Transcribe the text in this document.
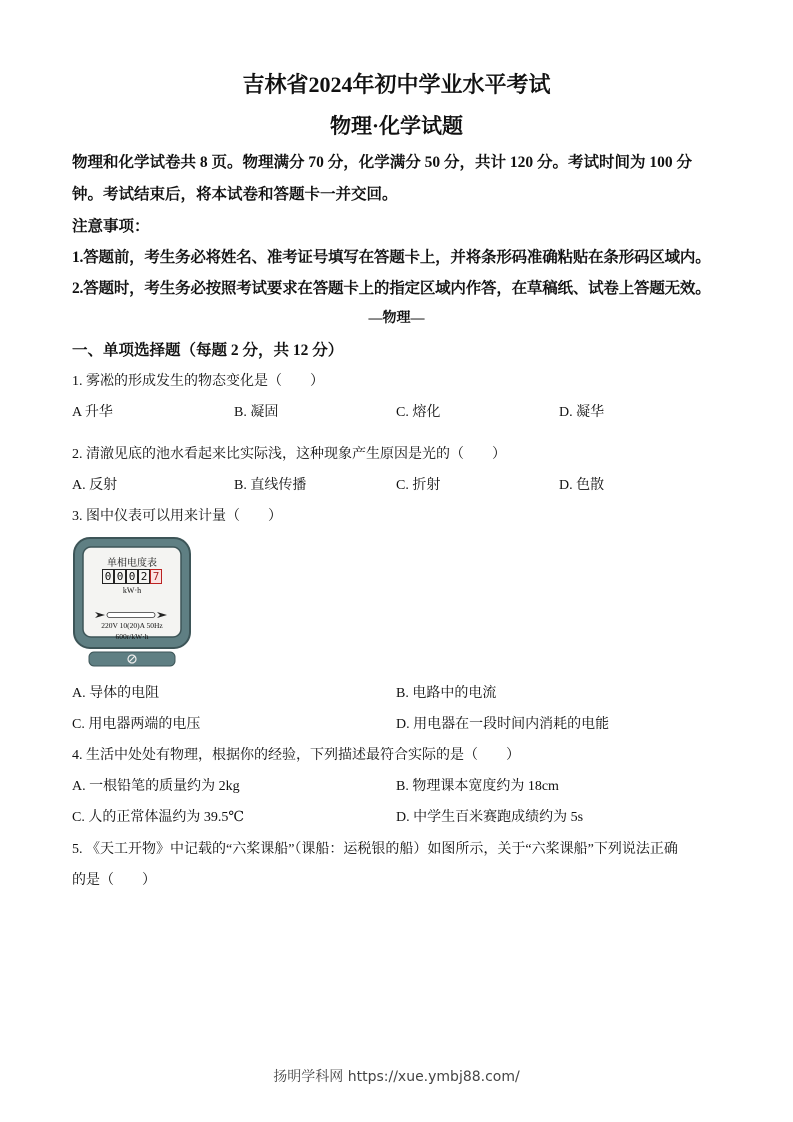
吉林省2024年初中学业水平考试
物理·化学试题
物理和化学试卷共 8 页。物理满分 70 分，化学满分 50 分，共计 120 分。考试时间为 100 分
钟。考试结束后，将本试卷和答题卡一并交回。
注意事项：
1.答题前，考生务必将姓名、准考证号填写在答题卡上，并将条形码准确粘贴在条形码区域内。
2.答题时，考生务必按照考试要求在答题卡上的指定区域内作答，在草稿纸、试卷上答题无效。
—物理—
一、单项选择题（每题 2 分，共 12 分）
1. 雾凇的形成发生的物态变化是（　　）
A 升华	B. 凝固	C. 熔化	D. 凝华
2. 清澈见底的池水看起来比实际浅，这种现象产生原因是光的（　　）
A. 反射	B. 直线传播	C. 折射	D. 色散
3. 图中仪表可以用来计量（　　）
单相电度表
0 0 0 2 7
kW·h
220V 10(20)A 50Hz
600r/kW·h
A. 导体的电阻	B. 电路中的电流
C. 用电器两端的电压	D. 用电器在一段时间内消耗的电能
4. 生活中处处有物理，根据你的经验，下列描述最符合实际的是（　　）
A. 一根铅笔的质量约为 2kg	B. 物理课本宽度约为 18cm
C. 人的正常体温约为 39.5℃	D. 中学生百米赛跑成绩约为 5s
5. 《天工开物》中记载的“六桨课船”（课船：运税银的船）如图所示，关于“六桨课船”下列说法正确
的是（　　）
扬明学科网 https://xue.ymbj88.com/
